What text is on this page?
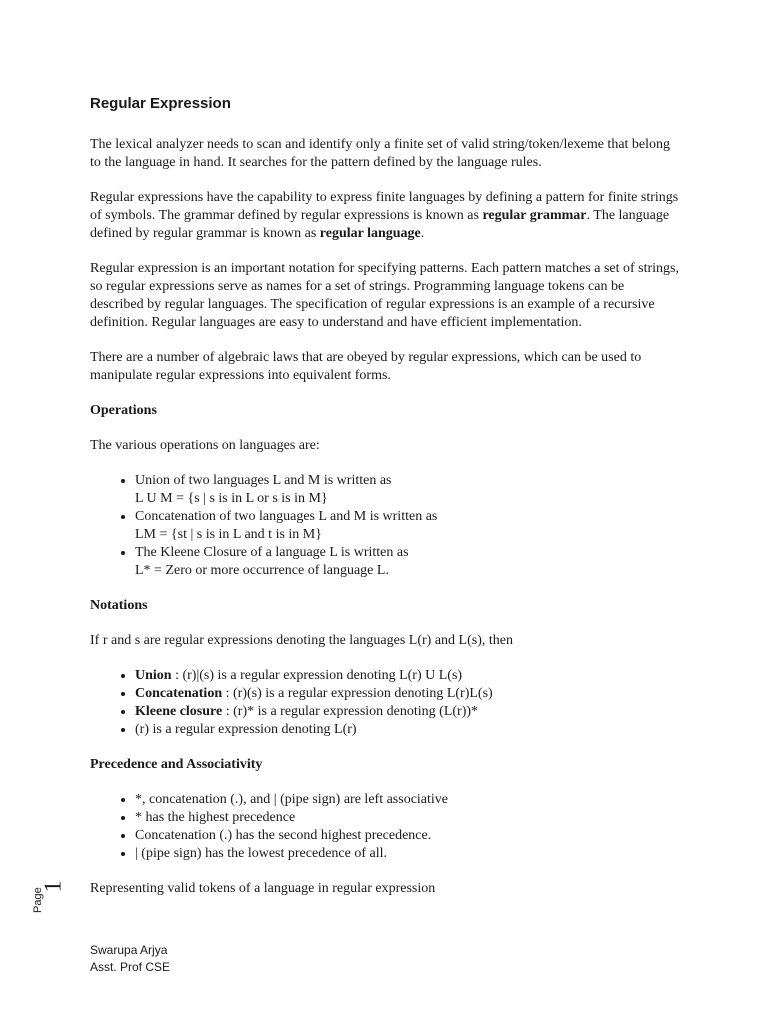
Regular Expression

The lexical analyzer needs to scan and identify only a finite set of valid string/token/lexeme that belong to the language in hand. It searches for the pattern defined by the language rules.

Regular expressions have the capability to express finite languages by defining a pattern for finite strings of symbols. The grammar defined by regular expressions is known as regular grammar. The language defined by regular grammar is known as regular language.

Regular expression is an important notation for specifying patterns. Each pattern matches a set of strings, so regular expressions serve as names for a set of strings. Programming language tokens can be described by regular languages. The specification of regular expressions is an example of a recursive definition. Regular languages are easy to understand and have efficient implementation.

There are a number of algebraic laws that are obeyed by regular expressions, which can be used to manipulate regular expressions into equivalent forms.

Operations

The various operations on languages are:

• Union of two languages L and M is written as
L U M = {s | s is in L or s is in M}
• Concatenation of two languages L and M is written as
LM = {st | s is in L and t is in M}
• The Kleene Closure of a language L is written as
L* = Zero or more occurrence of language L.

Notations

If r and s are regular expressions denoting the languages L(r) and L(s), then

• Union : (r)|(s) is a regular expression denoting L(r) U L(s)
• Concatenation : (r)(s) is a regular expression denoting L(r)L(s)
• Kleene closure : (r)* is a regular expression denoting (L(r))*
• (r) is a regular expression denoting L(r)

Precedence and Associativity

• *, concatenation (.), and | (pipe sign) are left associative
• * has the highest precedence
• Concatenation (.) has the second highest precedence.
• | (pipe sign) has the lowest precedence of all.

Representing valid tokens of a language in regular expression

Page
1
Swarupa Arjya
Asst. Prof CSE
